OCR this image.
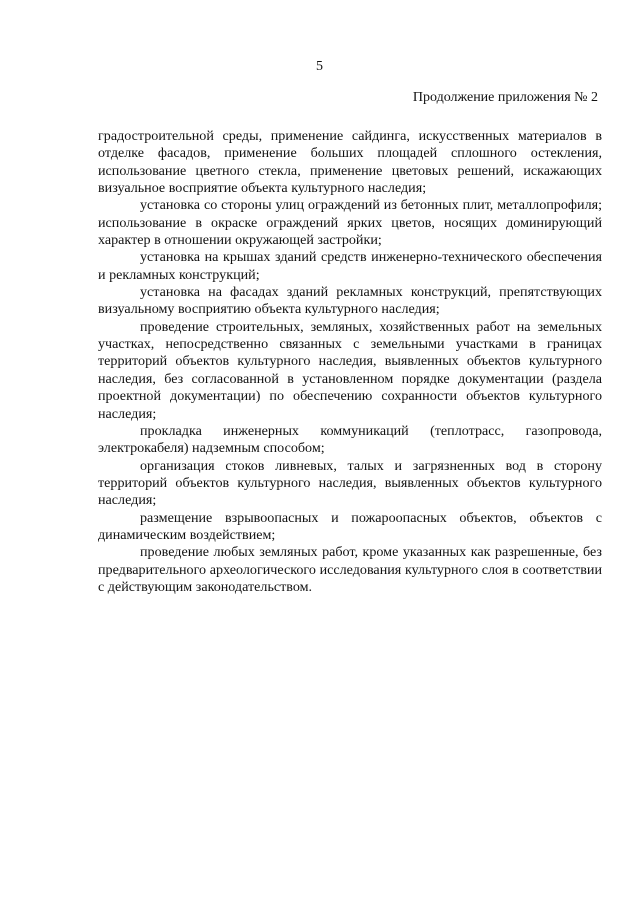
5
Продолжение приложения № 2

градостроительной среды, применение сайдинга, искусственных материалов в отделке фасадов, применение больших площадей сплошного остекления, использование цветного стекла, применение цветовых решений, искажающих визуальное восприятие объекта культурного наследия;

установка со стороны улиц ограждений из бетонных плит, металлопрофиля; использование в окраске ограждений ярких цветов, носящих доминирующий характер в отношении окружающей застройки;

установка на крышах зданий средств инженерно-технического обеспечения и рекламных конструкций;

установка на фасадах зданий рекламных конструкций, препятствующих визуальному восприятию объекта культурного наследия;

проведение строительных, земляных, хозяйственных работ на земельных участках, непосредственно связанных с земельными участками в границах территорий объектов культурного наследия, выявленных объектов культурного наследия, без согласованной в установленном порядке документации (раздела проектной документации) по обеспечению сохранности объектов культурного наследия;

прокладка инженерных коммуникаций (теплотрасс, газопровода, электрокабеля) надземным способом;

организация стоков ливневых, талых и загрязненных вод в сторону территорий объектов культурного наследия, выявленных объектов культурного наследия;

размещение взрывоопасных и пожароопасных объектов, объектов с динамическим воздействием;

проведение любых земляных работ, кроме указанных как разрешенные, без предварительного археологического исследования культурного слоя в соответствии с действующим законодательством.
